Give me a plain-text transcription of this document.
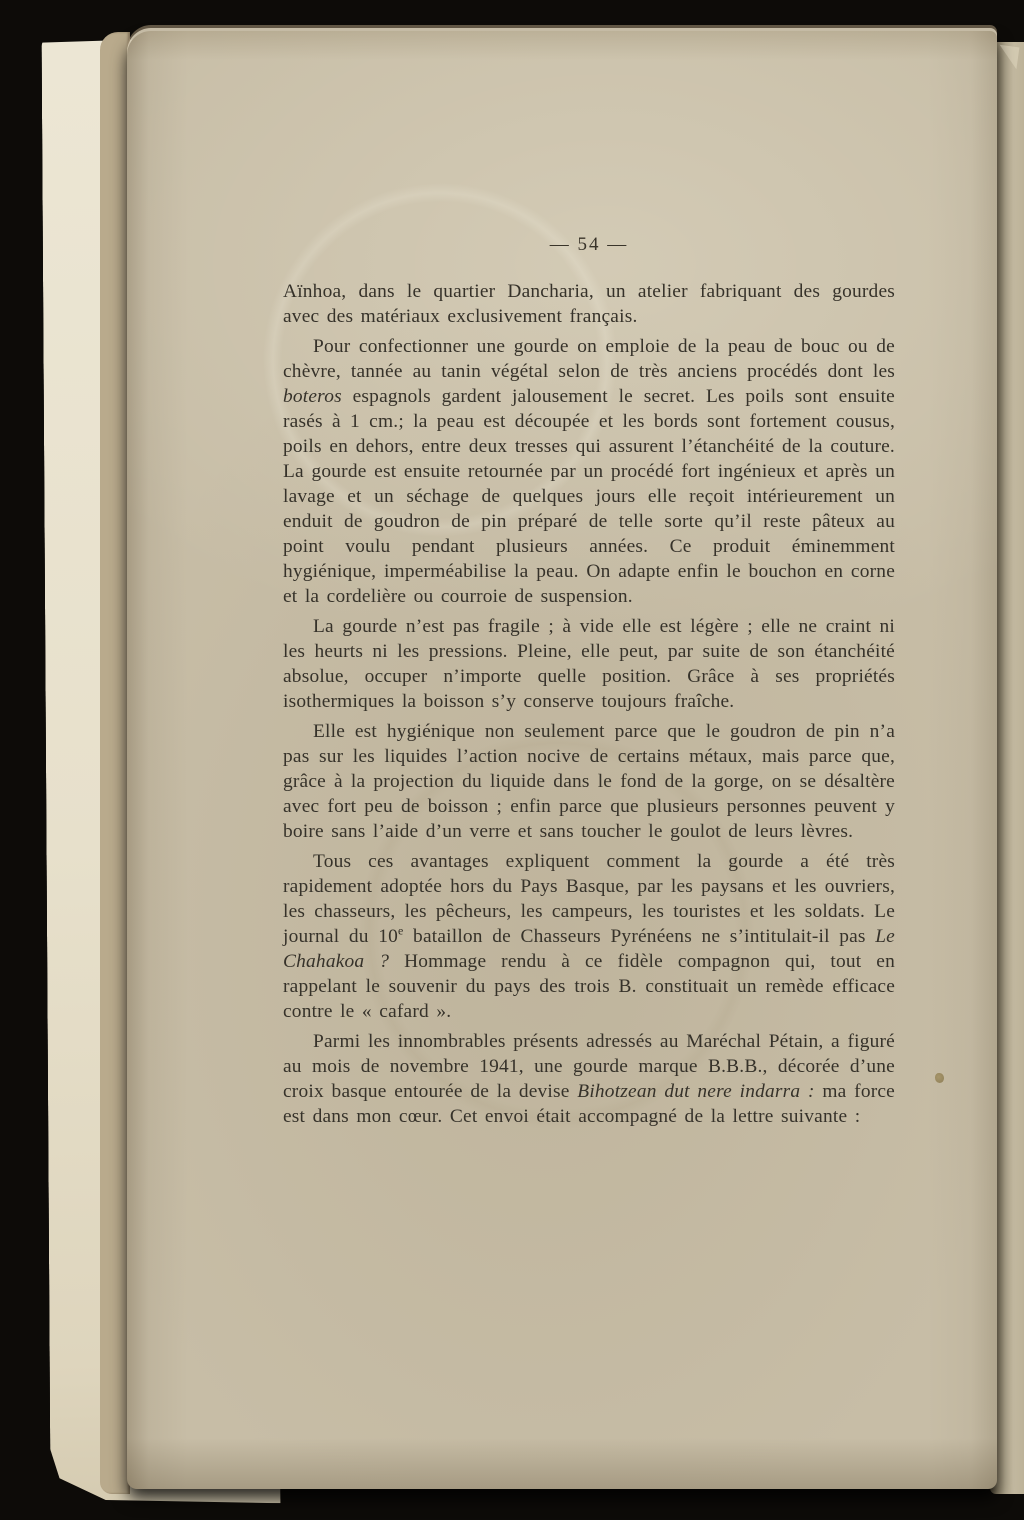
— 54 —

Aïnhoa, dans le quartier Dancharia, un atelier fabriquant des gourdes avec des matériaux exclusivement français.

Pour confectionner une gourde on emploie de la peau de bouc ou de chèvre, tannée au tanin végétal selon de très anciens procédés dont les boteros espagnols gardent jalousement le secret. Les poils sont ensuite rasés à 1 cm.; la peau est découpée et les bords sont fortement cousus, poils en dehors, entre deux tresses qui assurent l’étanchéité de la couture. La gourde est ensuite retournée par un procédé fort ingénieux et après un lavage et un séchage de quelques jours elle reçoit intérieurement un enduit de goudron de pin préparé de telle sorte qu’il reste pâteux au point voulu pendant plusieurs années. Ce produit éminemment hygiénique, imperméabilise la peau. On adapte enfin le bouchon en corne et la cordelière ou courroie de suspension.

La gourde n’est pas fragile ; à vide elle est légère ; elle ne craint ni les heurts ni les pressions. Pleine, elle peut, par suite de son étanchéité absolue, occuper n’importe quelle position. Grâce à ses propriétés isothermiques la boisson s’y conserve toujours fraîche.

Elle est hygiénique non seulement parce que le goudron de pin n’a pas sur les liquides l’action nocive de certains métaux, mais parce que, grâce à la projection du liquide dans le fond de la gorge, on se désaltère avec fort peu de boisson ; enfin parce que plusieurs personnes peuvent y boire sans l’aide d’un verre et sans toucher le goulot de leurs lèvres.

Tous ces avantages expliquent comment la gourde a été très rapidement adoptée hors du Pays Basque, par les paysans et les ouvriers, les chasseurs, les pêcheurs, les campeurs, les touristes et les soldats. Le journal du 10e bataillon de Chasseurs Pyrénéens ne s’intitulait-il pas Le Chahakoa ? Hommage rendu à ce fidèle compagnon qui, tout en rappelant le souvenir du pays des trois B. constituait un remède efficace contre le « cafard ».

Parmi les innombrables présents adressés au Maréchal Pétain, a figuré au mois de novembre 1941, une gourde marque B.B.B., décorée d’une croix basque entourée de la devise Bihotzean dut nere indarra : ma force est dans mon cœur. Cet envoi était accompagné de la lettre suivante :
